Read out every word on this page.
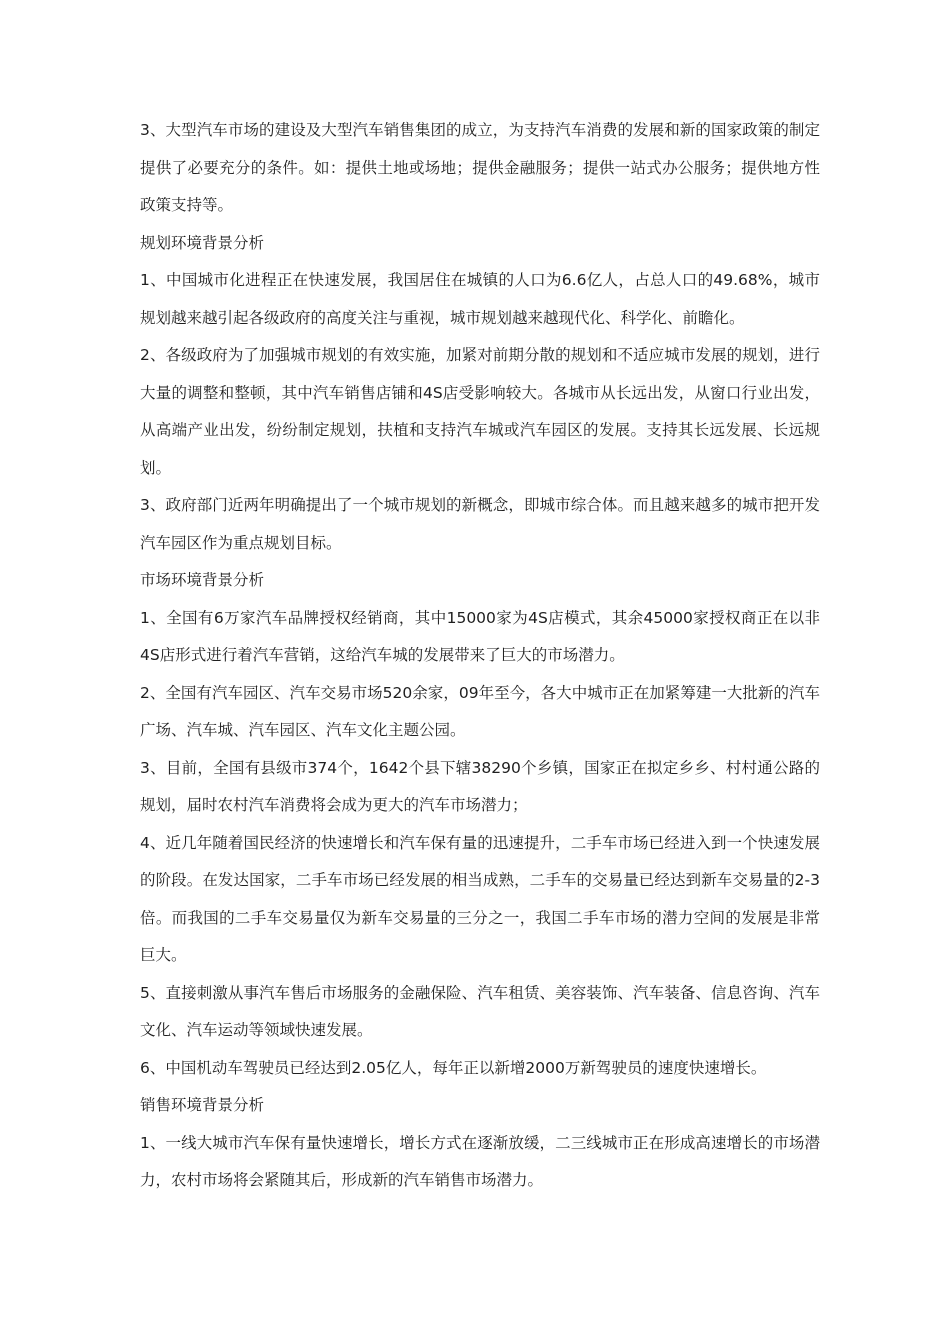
3、大型汽车市场的建设及大型汽车销售集团的成立，为支持汽车消费的发展和新的国家政策的制定提供了必要充分的条件。如：提供土地或场地；提供金融服务；提供一站式办公服务；提供地方性政策支持等。

规划环境背景分析

1、中国城市化进程正在快速发展，我国居住在城镇的人口为6.6亿人，占总人口的49.68%，城市规划越来越引起各级政府的高度关注与重视，城市规划越来越现代化、科学化、前瞻化。

2、各级政府为了加强城市规划的有效实施，加紧对前期分散的规划和不适应城市发展的规划，进行大量的调整和整顿，其中汽车销售店铺和4S店受影响较大。各城市从长远出发，从窗口行业出发，从高端产业出发，纷纷制定规划，扶植和支持汽车城或汽车园区的发展。支持其长远发展、长远规划。

3、政府部门近两年明确提出了一个城市规划的新概念，即城市综合体。而且越来越多的城市把开发汽车园区作为重点规划目标。

市场环境背景分析

1、全国有6万家汽车品牌授权经销商，其中15000家为4S店模式，其余45000家授权商正在以非4S店形式进行着汽车营销，这给汽车城的发展带来了巨大的市场潜力。

2、全国有汽车园区、汽车交易市场520余家，09年至今，各大中城市正在加紧筹建一大批新的汽车广场、汽车城、汽车园区、汽车文化主题公园。

3、目前，全国有县级市374个，1642个县下辖38290个乡镇，国家正在拟定乡乡、村村通公路的规划，届时农村汽车消费将会成为更大的汽车市场潜力；

4、近几年随着国民经济的快速增长和汽车保有量的迅速提升，二手车市场已经进入到一个快速发展的阶段。在发达国家，二手车市场已经发展的相当成熟，二手车的交易量已经达到新车交易量的2-3倍。而我国的二手车交易量仅为新车交易量的三分之一，我国二手车市场的潜力空间的发展是非常巨大。

5、直接刺激从事汽车售后市场服务的金融保险、汽车租赁、美容装饰、汽车装备、信息咨询、汽车文化、汽车运动等领域快速发展。

6、中国机动车驾驶员已经达到2.05亿人，每年正以新增2000万新驾驶员的速度快速增长。

销售环境背景分析

1、一线大城市汽车保有量快速增长，增长方式在逐渐放缓，二三线城市正在形成高速增长的市场潜力，农村市场将会紧随其后，形成新的汽车销售市场潜力。
